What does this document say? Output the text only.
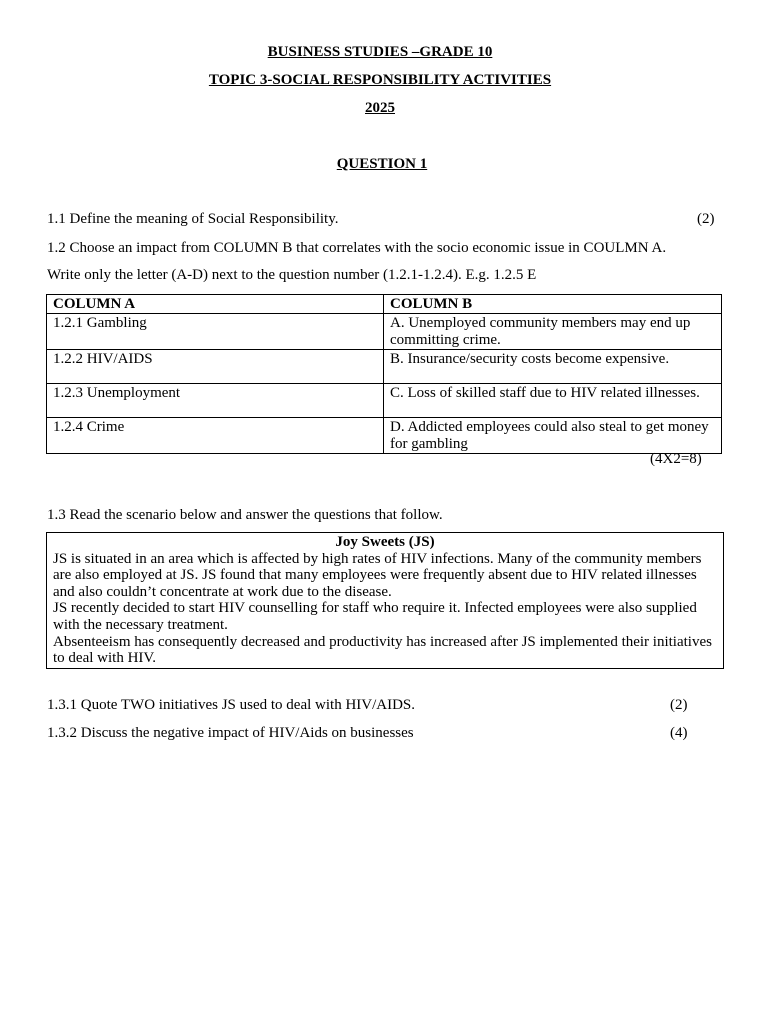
BUSINESS STUDIES –GRADE 10
TOPIC 3-SOCIAL RESPONSIBILITY ACTIVITIES
2025
QUESTION 1
1.1 Define the meaning of Social Responsibility.	(2)
1.2 Choose an impact from COLUMN B that correlates with the socio economic issue in COULMN A.
Write only the letter (A-D) next to the question number (1.2.1-1.2.4). E.g. 1.2.5 E
COLUMN A	COLUMN B
1.2.1 Gambling	A. Unemployed community members may end up committing crime.
1.2.2 HIV/AIDS	B. Insurance/security costs become expensive.
1.2.3 Unemployment	C. Loss of skilled staff due to HIV related illnesses.
1.2.4 Crime	D. Addicted employees could also steal to get money for gambling
(4X2=8)
1.3 Read the scenario below and answer the questions that follow.
Joy Sweets (JS)

JS is situated in an area which is affected by high rates of HIV infections. Many of the community members are also employed at JS. JS found that many employees were frequently absent due to HIV related illnesses and also couldn’t concentrate at work due to the disease.

JS recently decided to start HIV counselling for staff who require it. Infected employees were also supplied with the necessary treatment.

Absenteeism has consequently decreased and productivity has increased after JS implemented their initiatives to deal with HIV.

1.3.1 Quote TWO initiatives JS used to deal with HIV/AIDS.	(2)
1.3.2 Discuss the negative impact of HIV/Aids on businesses	(4)
